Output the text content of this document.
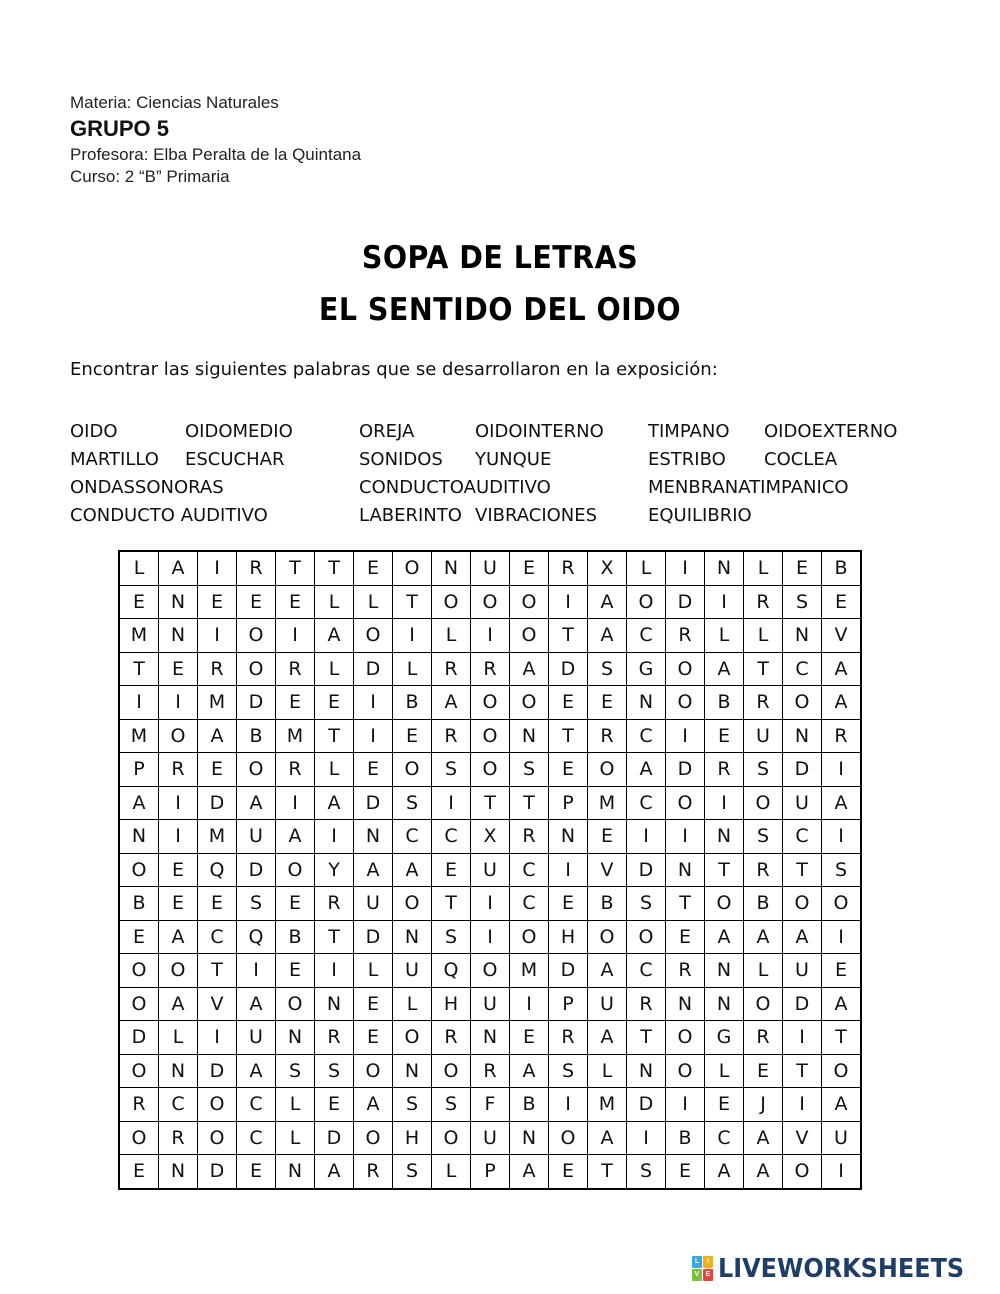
Materia: Ciencias Naturales
GRUPO 5
Profesora: Elba Peralta de la Quintana
Curso: 2 “B” Primaria
SOPA DE LETRAS
EL SENTIDO DEL OIDO
Encontrar las siguientes palabras que se desarrollaron en la exposición:
OIDO	OIDOMEDIO	OREJA	OIDOINTERNO TIMPANO OIDOEXTERNO
MARTILLO ESCUCHAR	SONIDOS YUNQUE	ESTRIBO COCLEA
ONDASSONORAS	CONDUCTOAUDITIVO	MENBRANATIMPANICO
CONDUCTO AUDITIVO	LABERINTO VIBRACIONES	EQUILIBRIO
L	A	I	R	T	T	E	O	N	U	E	R	X	L	I	N	L	E	B
E	N	E	E	E	L	L	T	O	O	O	I	A	O	D	I	R	S	E
M	N	I	O	I	A	O	I	L	I	O	T	A	C	R	L	L	N	V
T	E	R	O	R	L	D	L	R	R	A	D	S	G	O	A	T	C	A
I	I	M	D	E	E	I	B	A	O	O	E	E	N	O	B	R	O	A
M	O	A	B	M	T	I	E	R	O	N	T	R	C	I	E	U	N	R
P	R	E	O	R	L	E	O	S	O	S	E	O	A	D	R	S	D	I
A	I	D	A	I	A	D	S	I	T	T	P	M	C	O	I	O	U	A
N	I	M	U	A	I	N	C	C	X	R	N	E	I	I	N	S	C	I
O	E	Q	D	O	Y	A	A	E	U	C	I	V	D	N	T	R	T	S
B	E	E	S	E	R	U	O	T	I	C	E	B	S	T	O	B	O	O
E	A	C	Q	B	T	D	N	S	I	O	H	O	O	E	A	A	A	I
O	O	T	I	E	I	L	U	Q	O	M	D	A	C	R	N	L	U	E
O	A	V	A	O	N	E	L	H	U	I	P	U	R	N	N	O	D	A
D	L	I	U	N	R	E	O	R	N	E	R	A	T	O	G	R	I	T
O	N	D	A	S	S	O	N	O	R	A	S	L	N	O	L	E	T	O
R	C	O	C	L	E	A	S	S	F	B	I	M	D	I	E	J	I	A
O	R	O	C	L	D	O	H	O	U	N	O	A	I	B	C	A	V	U
E	N	D	E	N	A	R	S	L	P	A	E	T	S	E	A	A	O	I
L	I
V E LIVEWORKSHEETS
